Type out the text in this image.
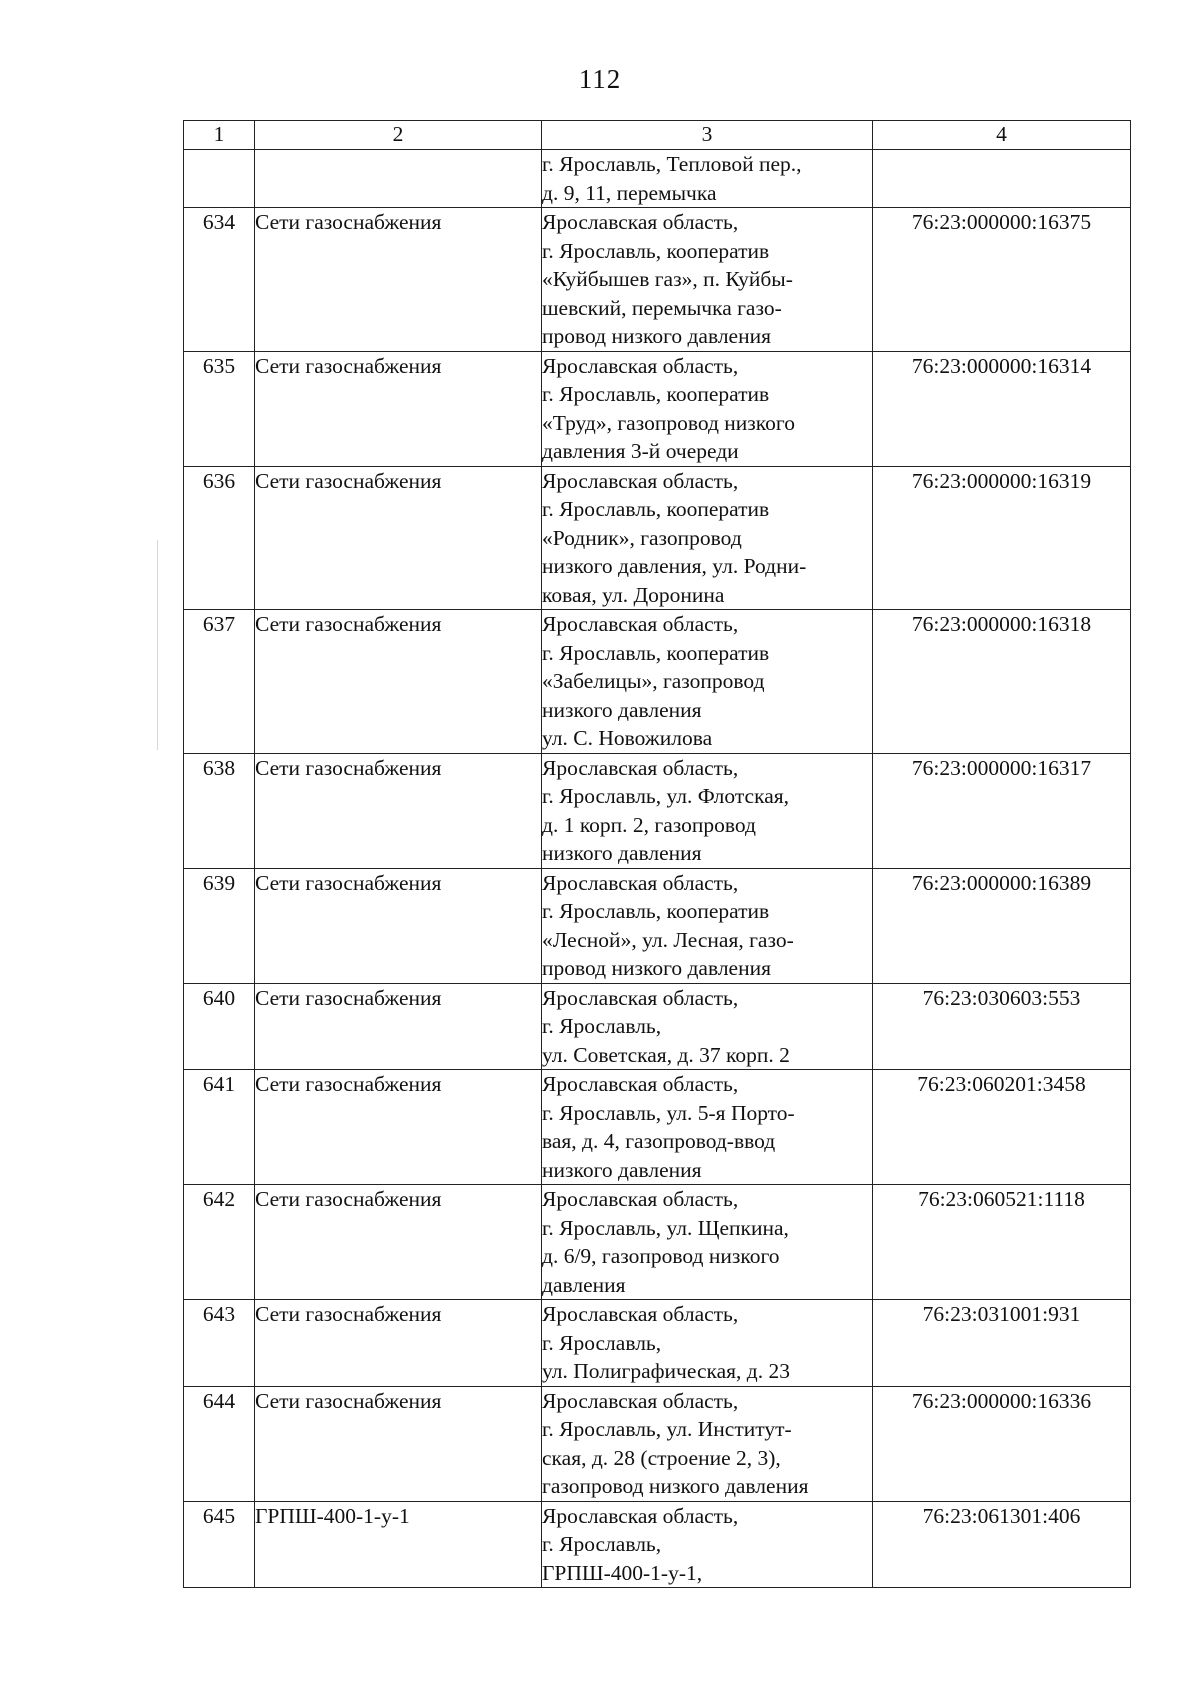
112
1	2	3	4

		г. Ярославль, Тепловой пер.,
д. 9, 11, перемычка	

634	Сети газоснабжения	Ярославская область,
г. Ярославль, кооператив
«Куйбышев газ», п. Куйбы-
шевский, перемычка газо-
провод низкого давления	76:23:000000:16375
635	Сети газоснабжения	Ярославская область,
г. Ярославль, кооператив
«Труд», газопровод низкого
давления 3-й очереди	76:23:000000:16314
636	Сети газоснабжения	Ярославская область,
г. Ярославль, кооператив
«Родник», газопровод
низкого давления, ул. Родни-
ковая, ул. Доронина	76:23:000000:16319
637	Сети газоснабжения	Ярославская область,
г. Ярославль, кооператив
«Забелицы», газопровод
низкого давления
ул. С. Новожилова	76:23:000000:16318
638	Сети газоснабжения	Ярославская область,
г. Ярославль, ул. Флотская,
д. 1 корп. 2, газопровод
низкого давления	76:23:000000:16317
639	Сети газоснабжения	Ярославская область,
г. Ярославль, кооператив
«Лесной», ул. Лесная, газо-
провод низкого давления	76:23:000000:16389
640	Сети газоснабжения	Ярославская область,
г. Ярославль,
ул. Советская, д. 37 корп. 2	76:23:030603:553
641	Сети газоснабжения	Ярославская область,
г. Ярославль, ул. 5-я Порто-
вая, д. 4, газопровод-ввод
низкого давления	76:23:060201:3458
642	Сети газоснабжения	Ярославская область,
г. Ярославль, ул. Щепкина,
д. 6/9, газопровод низкого
давления	76:23:060521:1118
643	Сети газоснабжения	Ярославская область,
г. Ярославль,
ул. Полиграфическая, д. 23	76:23:031001:931
644	Сети газоснабжения	Ярославская область,
г. Ярославль, ул. Институт-
ская, д. 28 (строение 2, 3),
газопровод низкого давления	76:23:000000:16336
645	ГРПШ-400-1-у-1	Ярославская область,
г. Ярославль,
ГРПШ-400-1-у-1,	76:23:061301:406
